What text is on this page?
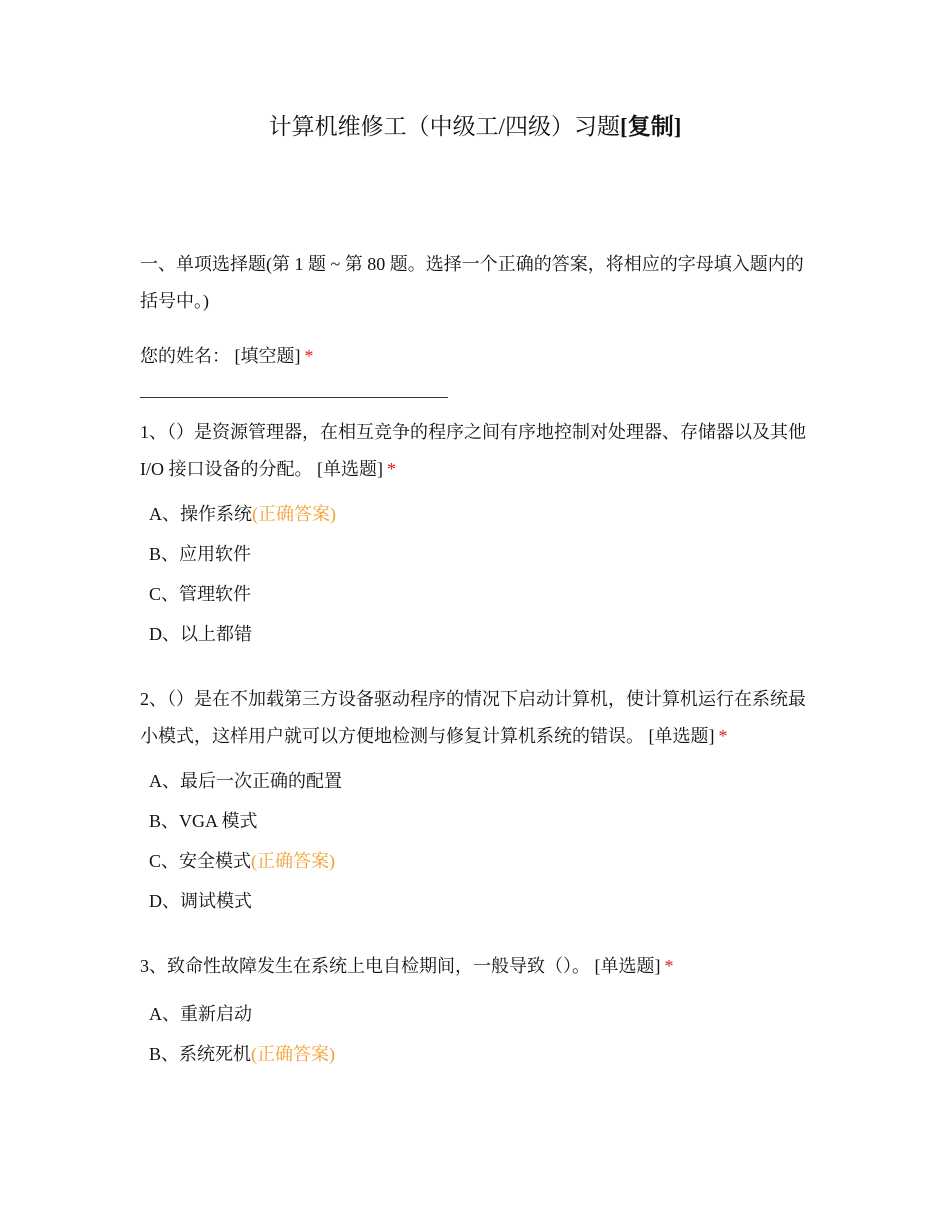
计算机维修工（中级工/四级）习题[复制]

一、单项选择题(第 1 题 ~ 第 80 题。选择一个正确的答案，将相应的字母填入题内的括号中。)

您的姓名： [填空题] *

1、（）是资源管理器，在相互竞争的程序之间有序地控制对处理器、存储器以及其他 I/O 接口设备的分配。 [单选题] *

A、操作系统(正确答案)
B、应用软件
C、管理软件
D、以上都错

2、（）是在不加载第三方设备驱动程序的情况下启动计算机，使计算机运行在系统最小模式，这样用户就可以方便地检测与修复计算机系统的错误。 [单选题] *

A、最后一次正确的配置
B、VGA 模式
C、安全模式(正确答案)
D、调试模式

3、致命性故障发生在系统上电自检期间，一般导致（）。 [单选题] *

A、重新启动
B、系统死机(正确答案)
